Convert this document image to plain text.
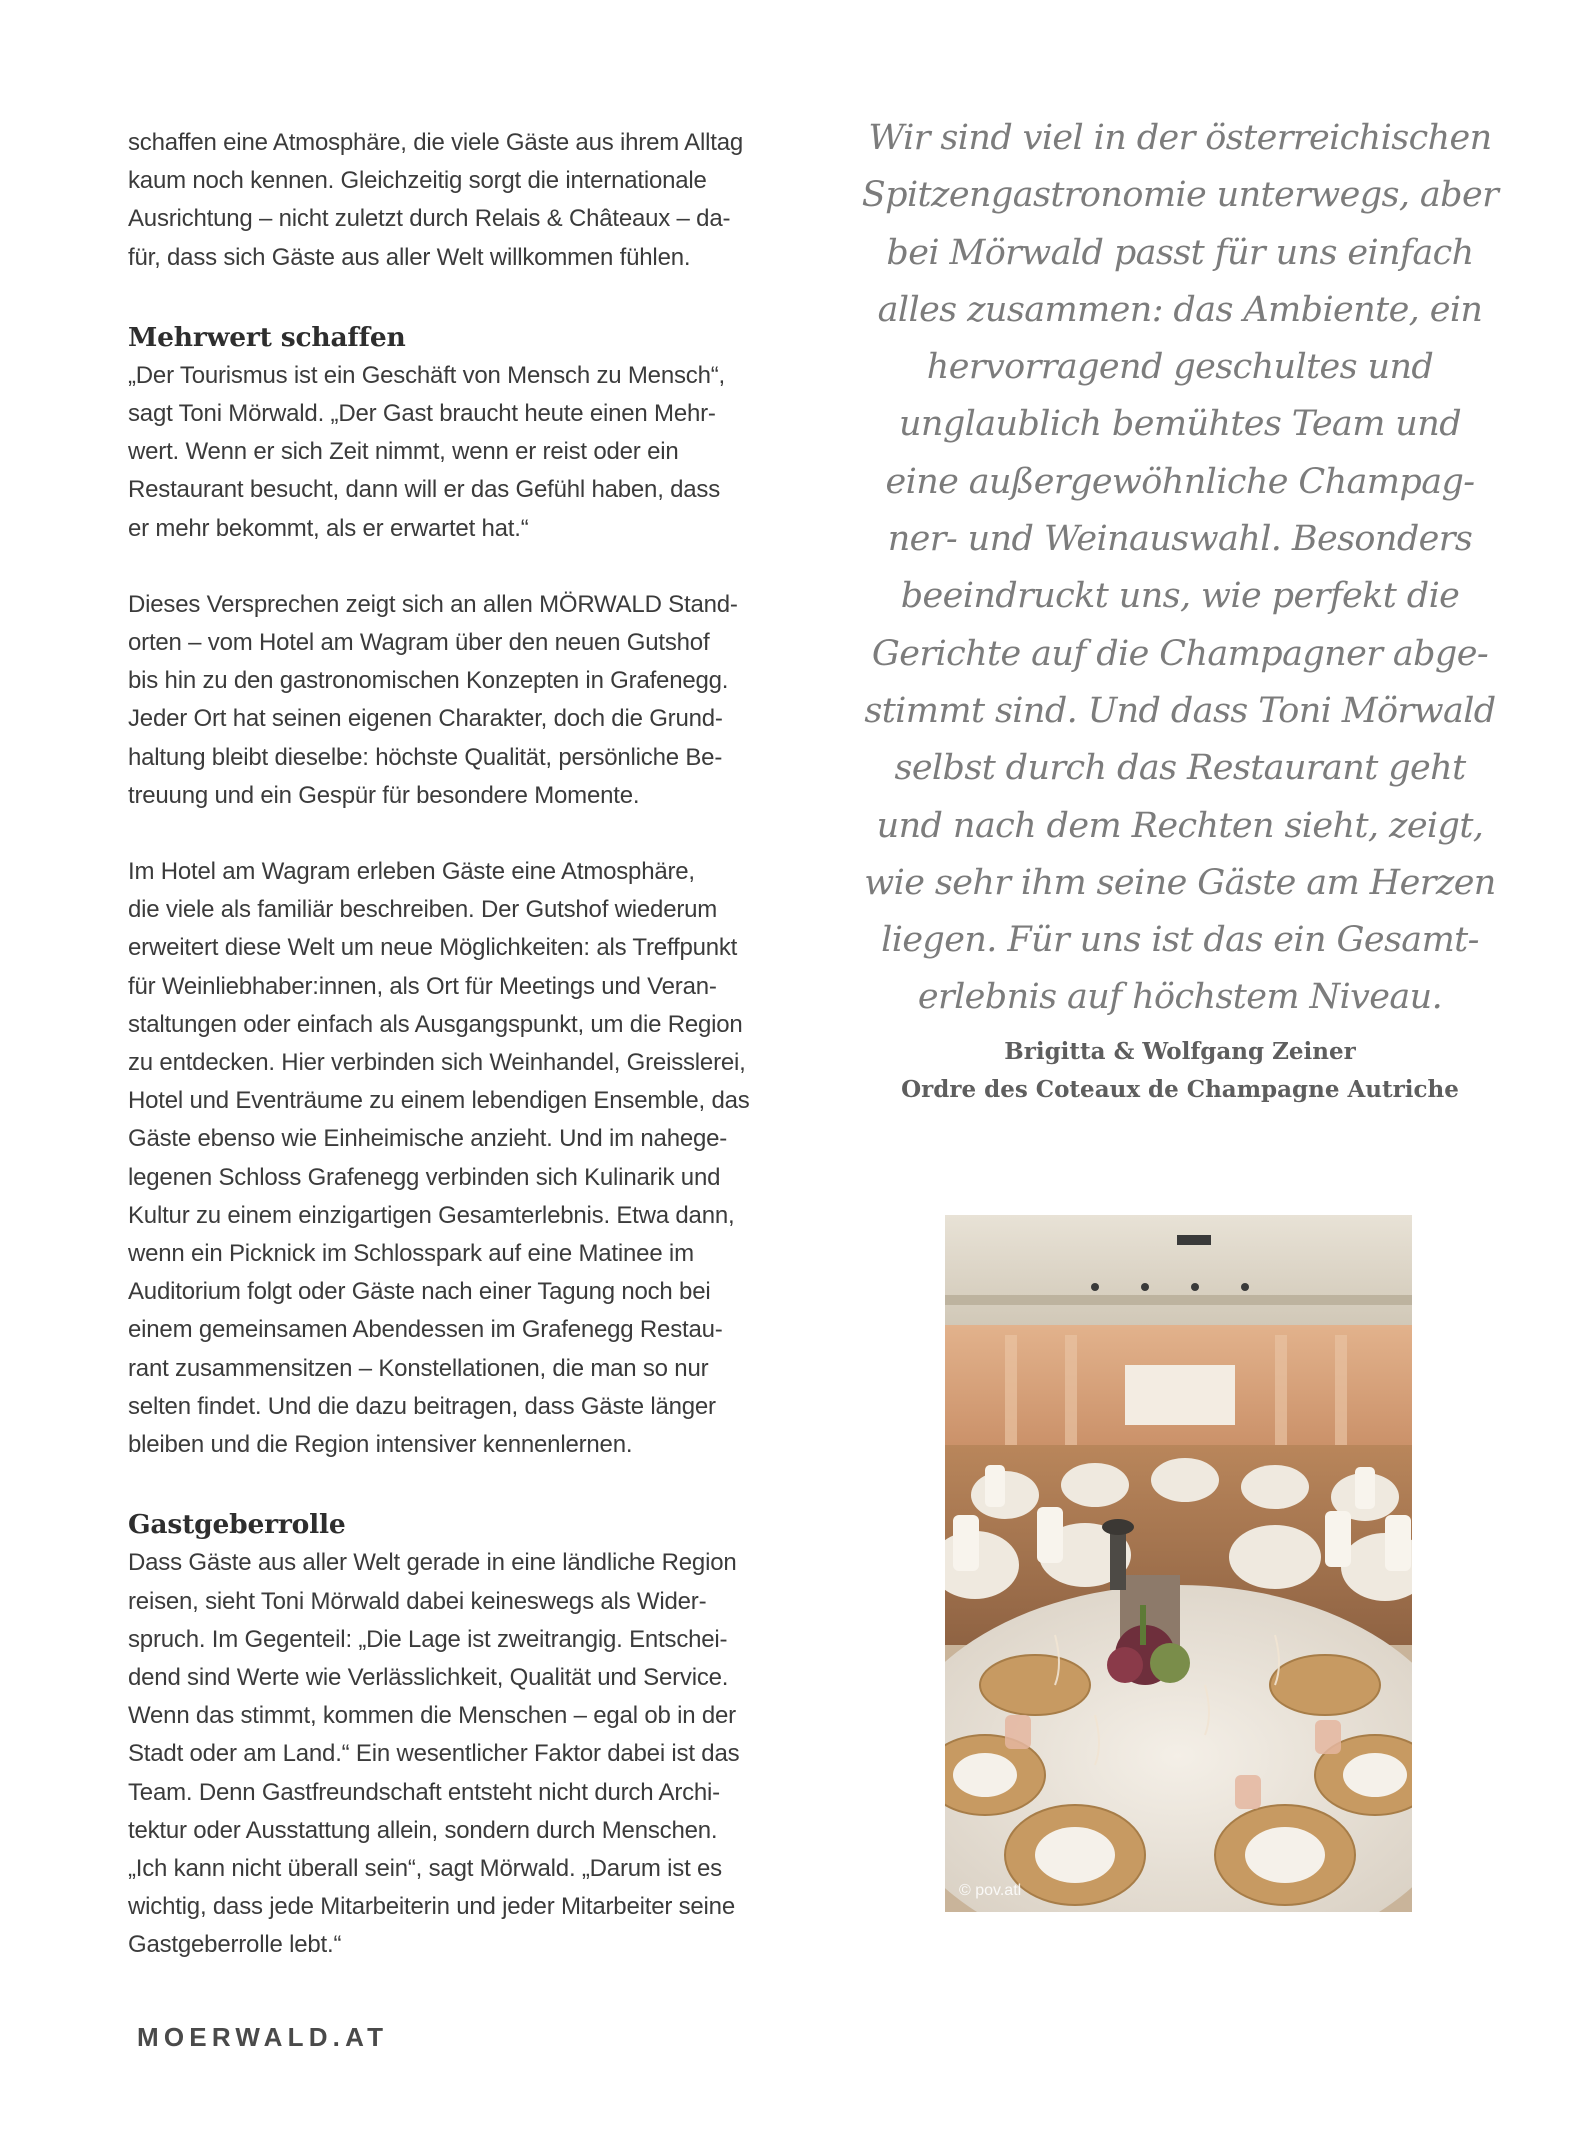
schaffen eine Atmosphäre, die viele Gäste aus ihrem Alltag
kaum noch kennen. Gleichzeitig sorgt die internationale
Ausrichtung – nicht zuletzt durch Relais & Châteaux – da-
für, dass sich Gäste aus aller Welt willkommen fühlen.

Mehrwert schaffen

„Der Tourismus ist ein Geschäft von Mensch zu Mensch“,
sagt Toni Mörwald. „Der Gast braucht heute einen Mehr-
wert. Wenn er sich Zeit nimmt, wenn er reist oder ein
Restaurant besucht, dann will er das Gefühl haben, dass
er mehr bekommt, als er erwartet hat.“

Dieses Versprechen zeigt sich an allen MÖRWALD Stand-
orten – vom Hotel am Wagram über den neuen Gutshof
bis hin zu den gastronomischen Konzepten in Grafenegg.
Jeder Ort hat seinen eigenen Charakter, doch die Grund-
haltung bleibt dieselbe: höchste Qualität, persönliche Be-
treuung und ein Gespür für besondere Momente.

Im Hotel am Wagram erleben Gäste eine Atmosphäre,
die viele als familiär beschreiben. Der Gutshof wiederum
erweitert diese Welt um neue Möglichkeiten: als Treffpunkt
für Weinliebhaber:innen, als Ort für Meetings und Veran-
staltungen oder einfach als Ausgangspunkt, um die Region
zu entdecken. Hier verbinden sich Weinhandel, Greisslerei,
Hotel und Eventräume zu einem lebendigen Ensemble, das
Gäste ebenso wie Einheimische anzieht. Und im nahege-
legenen Schloss Grafenegg verbinden sich Kulinarik und
Kultur zu einem einzigartigen Gesamterlebnis. Etwa dann,
wenn ein Picknick im Schlosspark auf eine Matinee im
Auditorium folgt oder Gäste nach einer Tagung noch bei
einem gemeinsamen Abendessen im Grafenegg Restau-
rant zusammensitzen – Konstellationen, die man so nur
selten findet. Und die dazu beitragen, dass Gäste länger
bleiben und die Region intensiver kennenlernen.

Gastgeberrolle

Dass Gäste aus aller Welt gerade in eine ländliche Region
reisen, sieht Toni Mörwald dabei keineswegs als Wider-
spruch. Im Gegenteil: „Die Lage ist zweitrangig. Entschei-
dend sind Werte wie Verlässlichkeit, Qualität und Service.
Wenn das stimmt, kommen die Menschen – egal ob in der
Stadt oder am Land.“ Ein wesentlicher Faktor dabei ist das
Team. Denn Gastfreundschaft entsteht nicht durch Archi-
tektur oder Ausstattung allein, sondern durch Menschen.
„Ich kann nicht überall sein“, sagt Mörwald. „Darum ist es
wichtig, dass jede Mitarbeiterin und jeder Mitarbeiter seine
Gastgeberrolle lebt.“

Wir sind viel in der österreichischen
Spitzengastronomie unterwegs, aber
bei Mörwald passt für uns einfach
alles zusammen: das Ambiente, ein
hervorragend geschultes und
unglaublich bemühtes Team und
eine außergewöhnliche Champag-
ner- und Weinauswahl. Besonders
beeindruckt uns, wie perfekt die
Gerichte auf die Champagner abge-
stimmt sind. Und dass Toni Mörwald
selbst durch das Restaurant geht
und nach dem Rechten sieht, zeigt,
wie sehr ihm seine Gäste am Herzen
liegen. Für uns ist das ein Gesamt-
erlebnis auf höchstem Niveau.

Brigitta & Wolfgang Zeiner
Ordre des Coteaux de Champagne Autriche
© pov.atl
MOERWALD.AT
